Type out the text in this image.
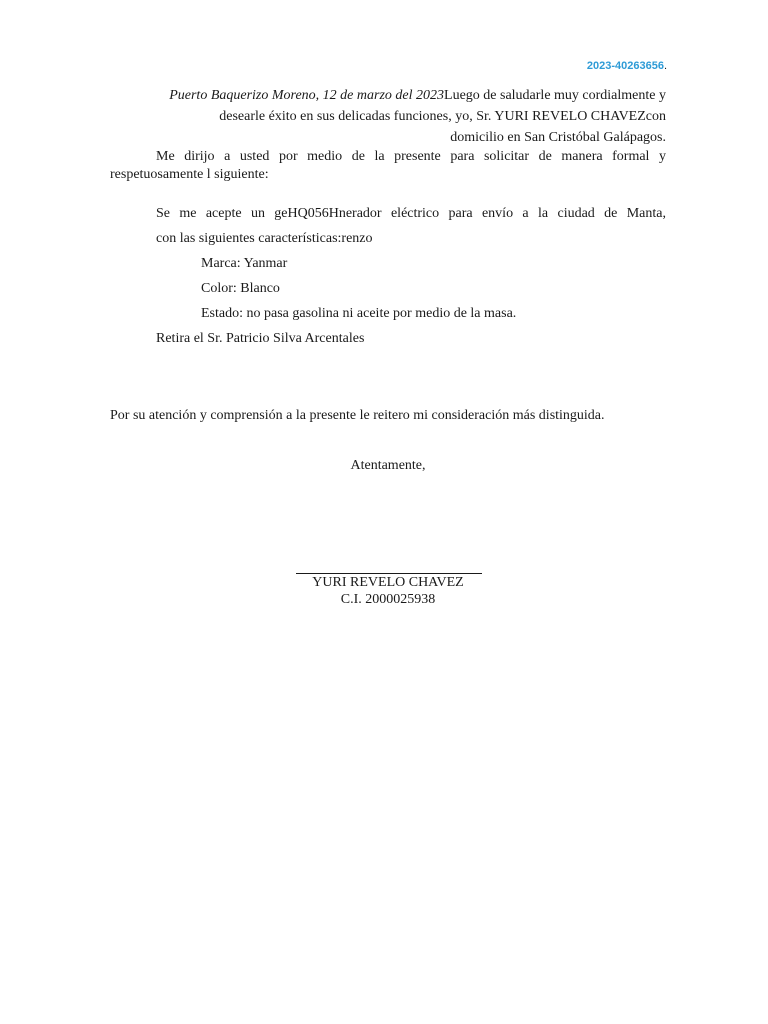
2023-40263656.
Puerto Baquerizo Moreno, 12 de marzo del 2023Luego de saludarle muy cordialmente y
desearle éxito en sus delicadas funciones, yo, Sr. YURI REVELO CHAVEZcon
domicilio en San Cristóbal Galápagos.
Me dirijo a usted por medio de la presente para solicitar de manera formal y respetuosamente l siguiente:
Se me acepte un geHQ056Hnerador eléctrico para envío a la ciudad de Manta,
con las siguientes características:renzo
Marca: Yanmar
Color: Blanco
Estado: no pasa gasolina ni aceite por medio de la masa.
Retira el Sr. Patricio Silva Arcentales
Por su atención y comprensión a la presente le reitero mi consideración más distinguida.
Atentamente,
YURI REVELO CHAVEZ
C.I. 2000025938
